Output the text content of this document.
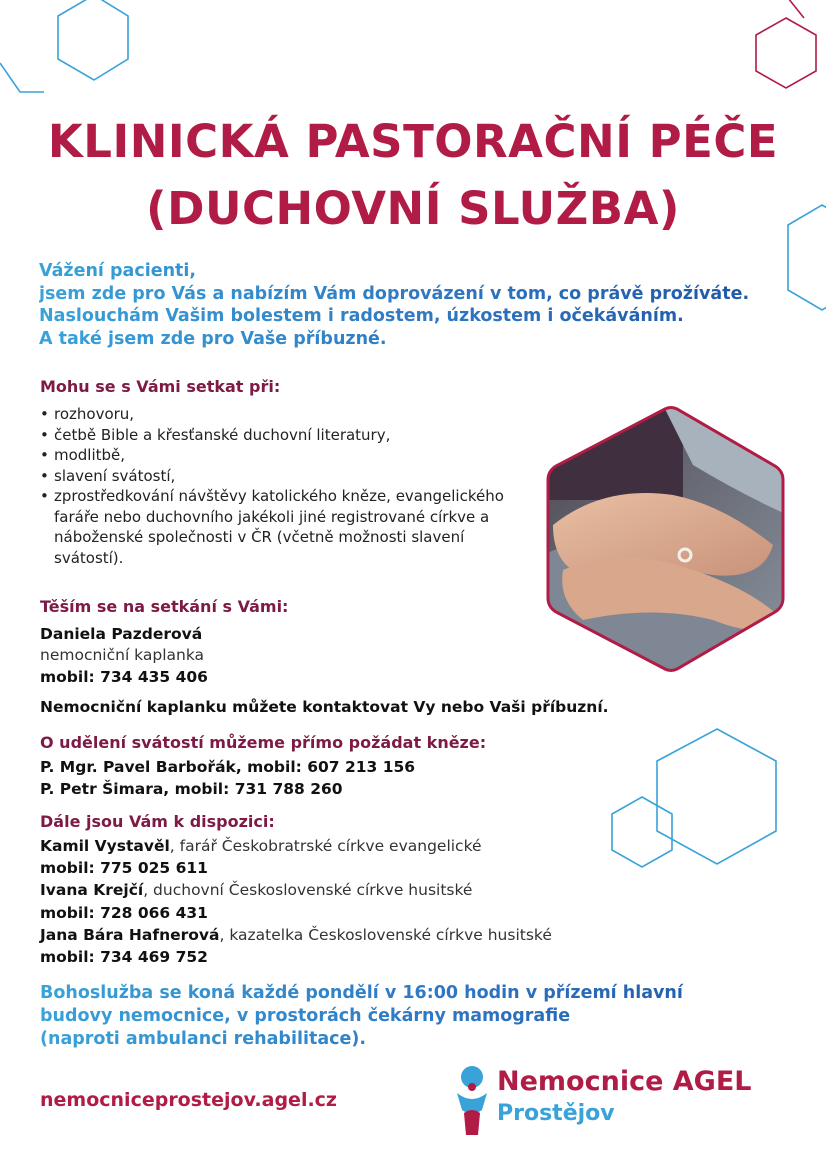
KLINICKÁ PASTORAČNÍ PÉČE
(DUCHOVNÍ SLUŽBA)
Vážení pacienti,
jsem zde pro Vás a nabízím Vám doprovázení v tom, co právě prožíváte.
Naslouchám Vašim bolestem i radostem, úzkostem i očekáváním.
A také jsem zde pro Vaše příbuzné.
Mohu se s Vámi setkat při:
• rozhovoru,
• četbě Bible a křesťanské duchovní literatury,
• modlitbě,
• slavení svátostí,
• zprostředkování návštěvy katolického kněze, evangelického faráře nebo duchovního jakékoli jiné registrované církve a náboženské společnosti v ČR (včetně možnosti slavení svátostí).
Těším se na setkání s Vámi:
Daniela Pazderová
nemocniční kaplanka
mobil: 734 435 406
Nemocniční kaplanku můžete kontaktovat Vy nebo Vaši příbuzní.
O udělení svátostí můžeme přímo požádat kněze:
P. Mgr. Pavel Barbořák, mobil: 607 213 156
P. Petr Šimara, mobil: 731 788 260
Dále jsou Vám k dispozici:
Kamil Vystavěl, farář Českobratrské církve evangelické
mobil: 775 025 611
Ivana Krejčí, duchovní Československé církve husitské
mobil: 728 066 431
Jana Bára Hafnerová, kazatelka Československé církve husitské
mobil: 734 469 752
Bohoslužba se koná každé pondělí v 16:00 hodin v přízemí hlavní
budovy nemocnice, v prostorách čekárny mamografie
(naproti ambulanci rehabilitace).
nemocniceprostejov.agel.cz
Nemocnice AGEL
Prostějov
